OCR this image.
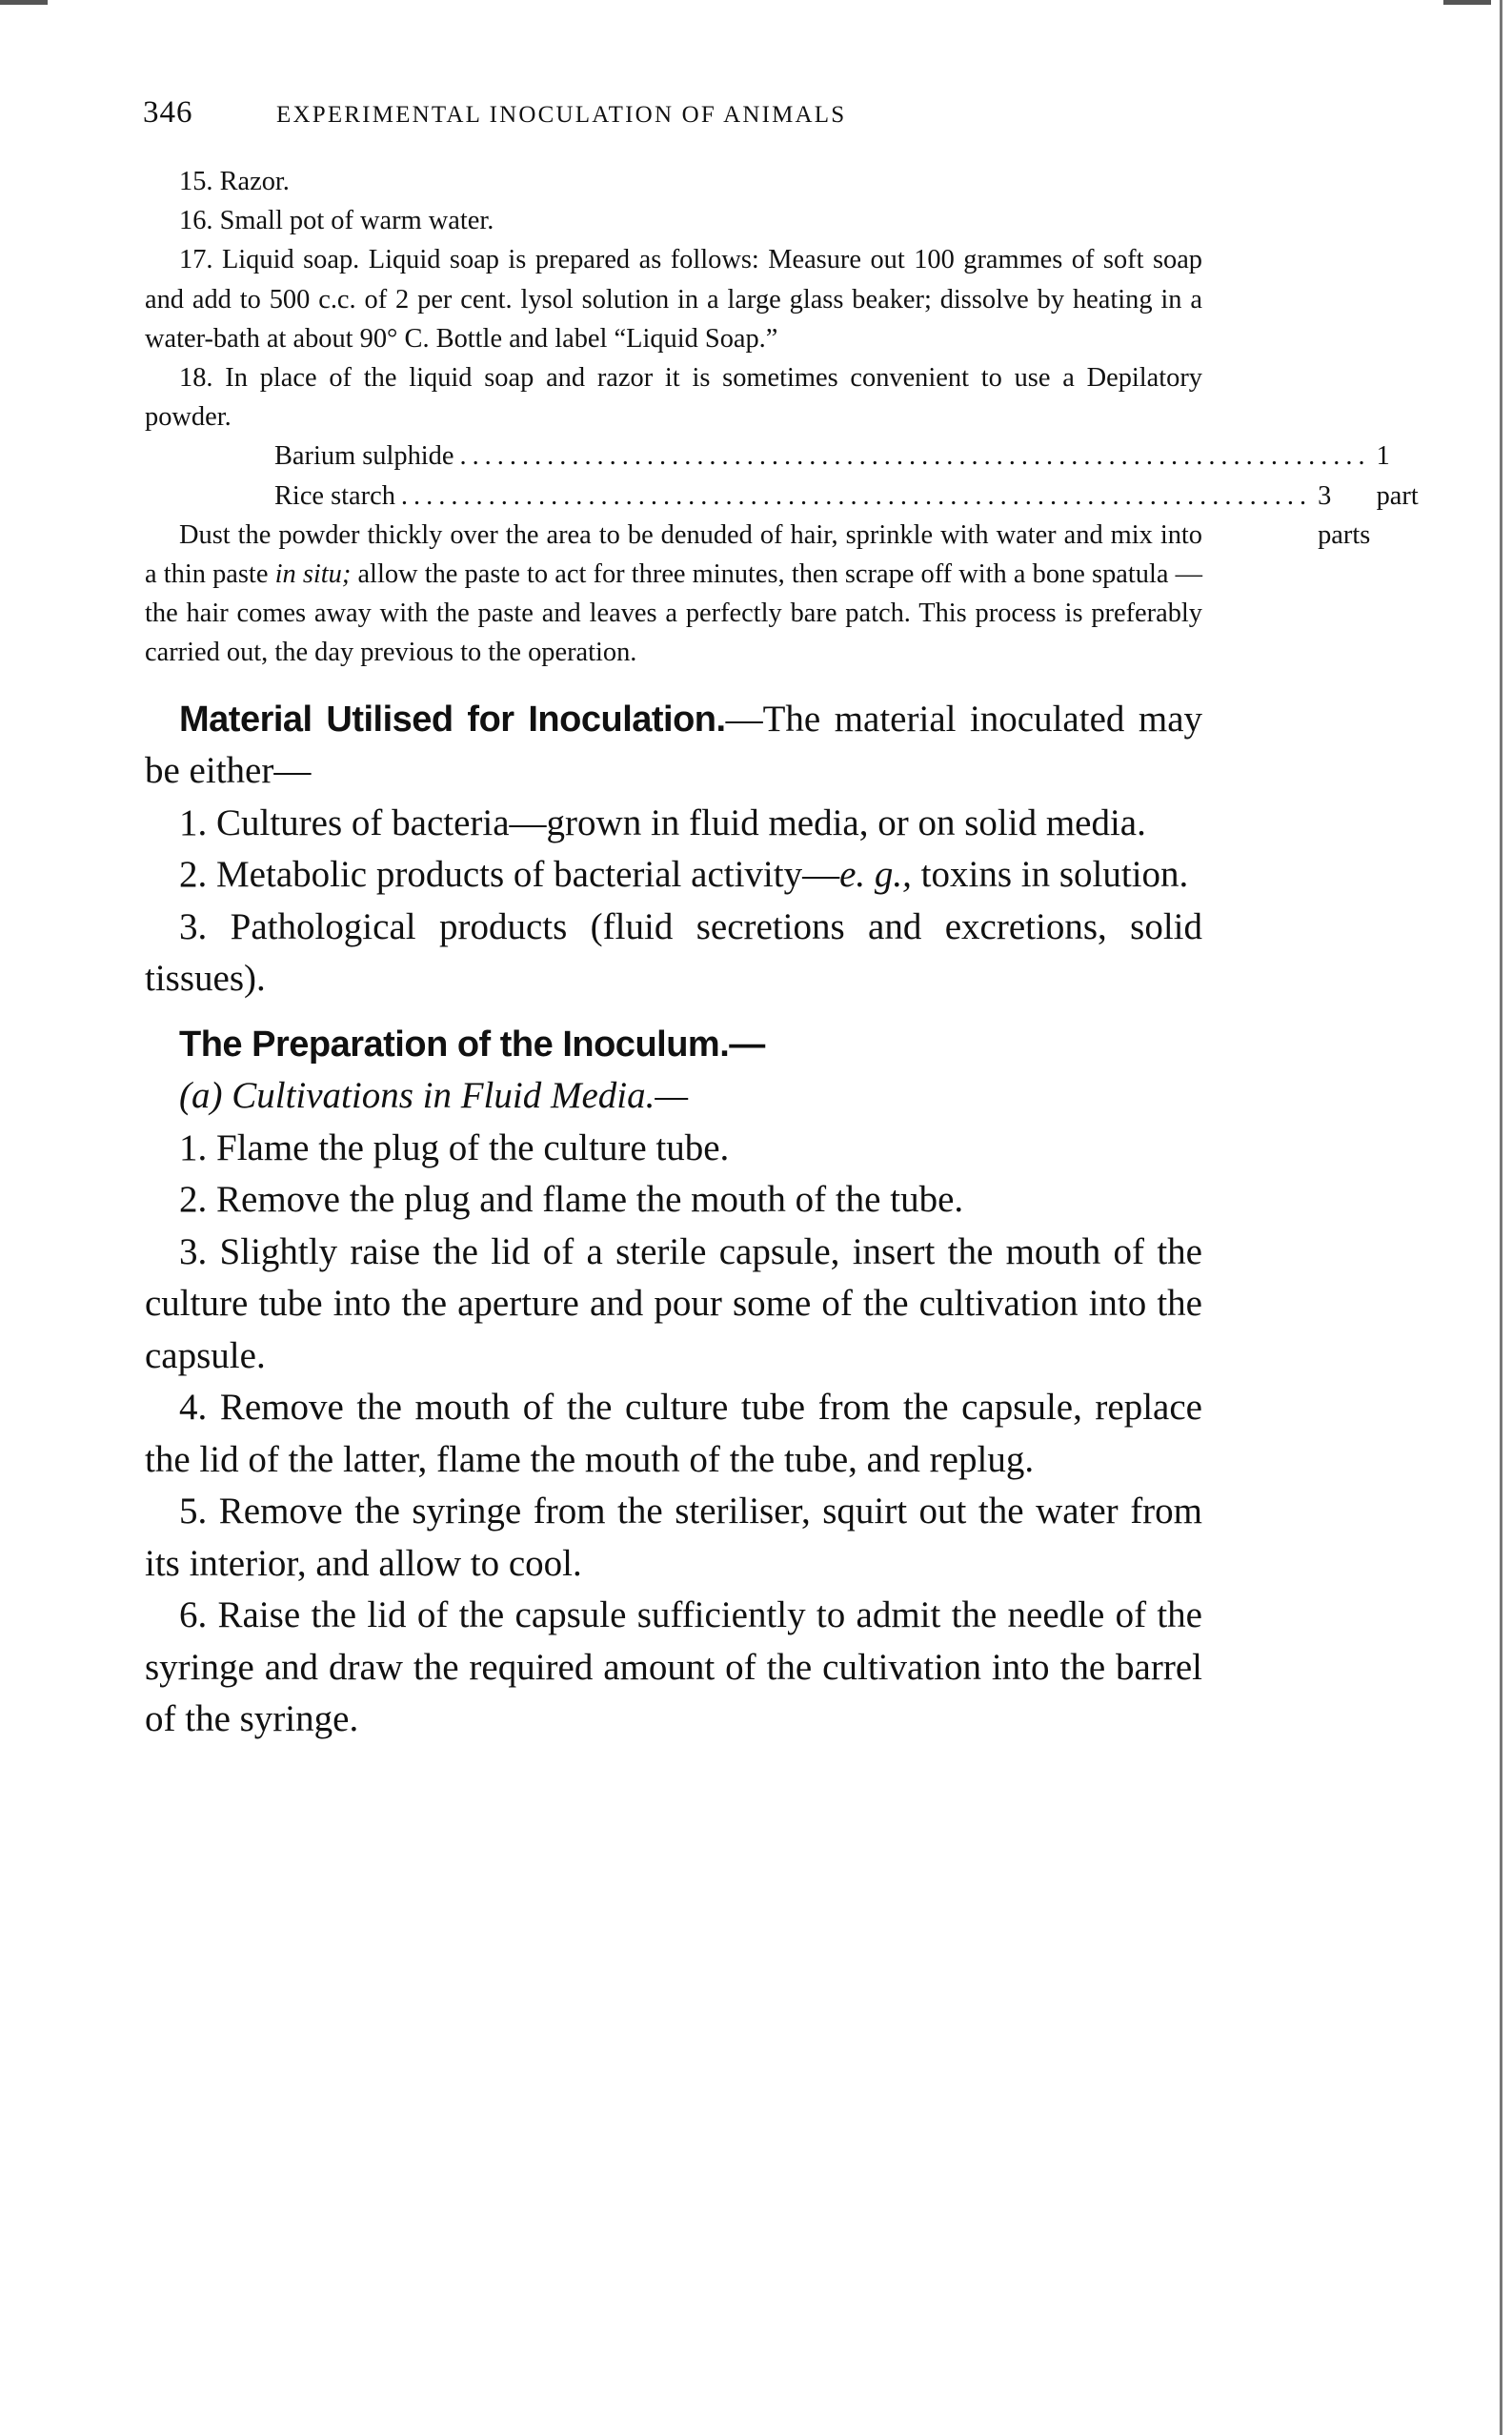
346	EXPERIMENTAL INOCULATION OF ANIMALS

15. Razor.

16. Small pot of warm water.

17. Liquid soap. Liquid soap is prepared as follows: Measure out 100 grammes of soft soap and add to 500 c.c. of 2 per cent. lysol solution in a large glass beaker; dissolve by heating in a water-bath at about 90° C. Bottle and label “Liquid Soap.”

18. In place of the liquid soap and razor it is sometimes convenient to use a Depilatory powder.

Barium sulphide ......................................................................... 1 part
Rice starch ......................................................................... 3 parts

Dust the powder thickly over the area to be denuded of hair, sprinkle with water and mix into a thin paste in situ; allow the paste to act for three minutes, then scrape off with a bone spatula —the hair comes away with the paste and leaves a perfectly bare patch. This process is preferably carried out, the day previous to the operation.

Material Utilised for Inoculation.—The material inoculated may be either—

1. Cultures of bacteria—grown in fluid media, or on solid media.

2. Metabolic products of bacterial activity—e. g., toxins in solution.

3. Pathological products (fluid secretions and excretions, solid tissues).

The Preparation of the Inoculum.—

(a) Cultivations in Fluid Media.—

1. Flame the plug of the culture tube.

2. Remove the plug and flame the mouth of the tube.

3. Slightly raise the lid of a sterile capsule, insert the mouth of the culture tube into the aperture and pour some of the cultivation into the capsule.

4. Remove the mouth of the culture tube from the capsule, replace the lid of the latter, flame the mouth of the tube, and replug.

5. Remove the syringe from the steriliser, squirt out the water from its interior, and allow to cool.

6. Raise the lid of the capsule sufficiently to admit the needle of the syringe and draw the required amount of the cultivation into the barrel of the syringe.
